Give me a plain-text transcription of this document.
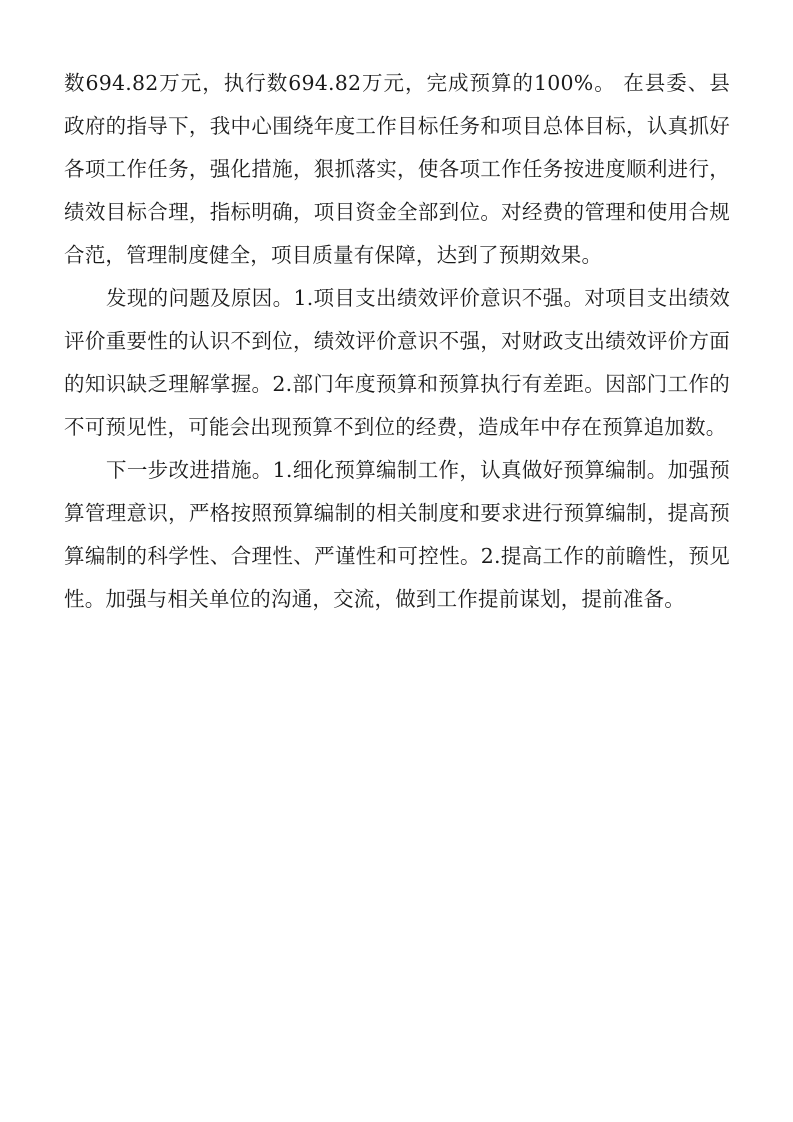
数694.82万元，执行数694.82万元，完成预算的100%。 在县委、县政府的指导下，我中心围绕年度工作目标任务和项目总体目标，认真抓好各项工作任务，强化措施，狠抓落实，使各项工作任务按进度顺利进行，绩效目标合理，指标明确，项目资金全部到位。对经费的管理和使用合规合范，管理制度健全，项目质量有保障，达到了预期效果。

发现的问题及原因。1.项目支出绩效评价意识不强。对项目支出绩效评价重要性的认识不到位，绩效评价意识不强，对财政支出绩效评价方面的知识缺乏理解掌握。2.部门年度预算和预算执行有差距。因部门工作的不可预见性，可能会出现预算不到位的经费，造成年中存在预算追加数。

下一步改进措施。1.细化预算编制工作，认真做好预算编制。加强预算管理意识，严格按照预算编制的相关制度和要求进行预算编制，提高预算编制的科学性、合理性、严谨性和可控性。2.提高工作的前瞻性，预见性。加强与相关单位的沟通，交流，做到工作提前谋划，提前准备。
